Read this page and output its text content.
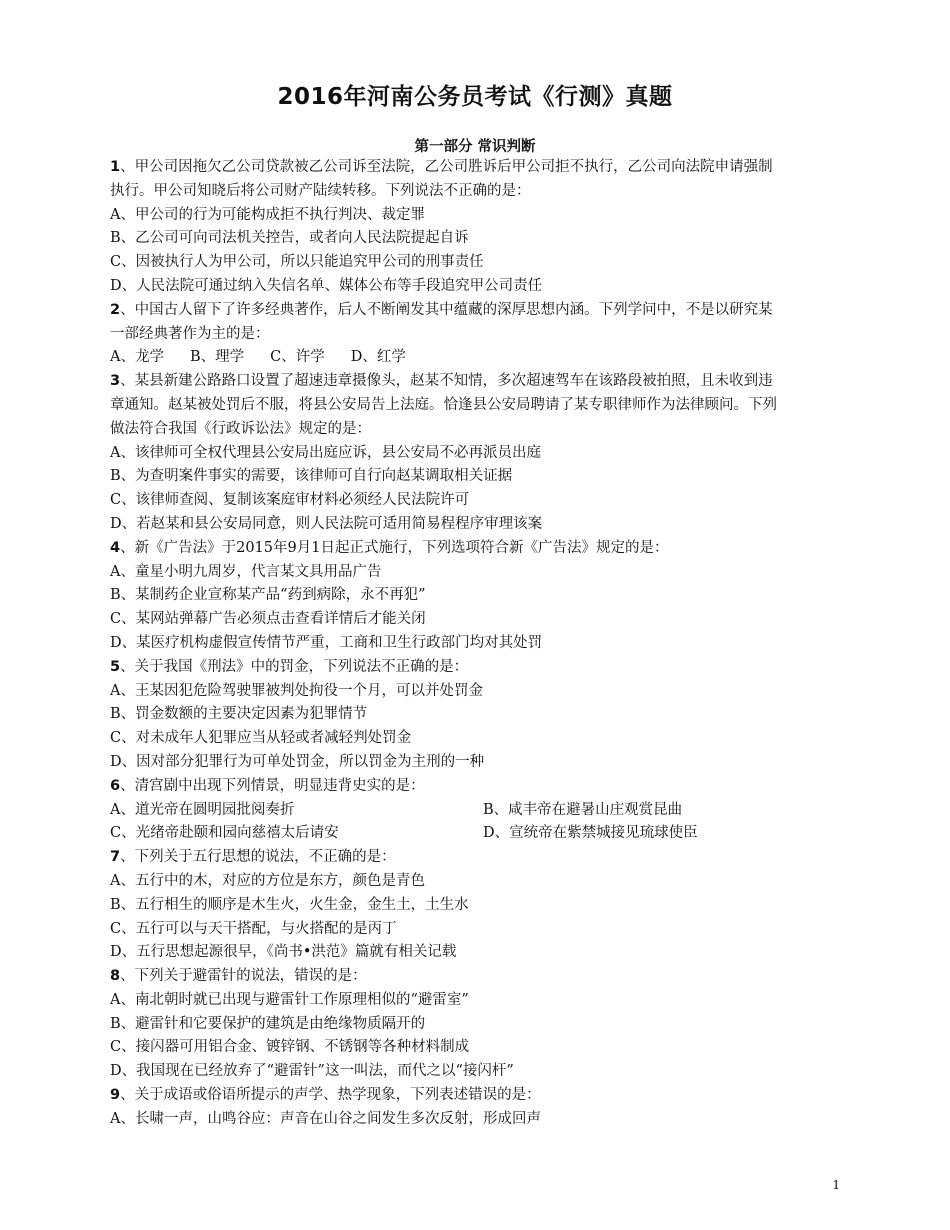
2016年河南公务员考试《行测》真题
第一部分 常识判断
1、甲公司因拖欠乙公司贷款被乙公司诉至法院，乙公司胜诉后甲公司拒不执行，乙公司向法院申请强制
执行。甲公司知晓后将公司财产陆续转移。下列说法不正确的是：
A、甲公司的行为可能构成拒不执行判决、裁定罪
B、乙公司可向司法机关控告，或者向人民法院提起自诉
C、因被执行人为甲公司，所以只能追究甲公司的刑事责任
D、人民法院可通过纳入失信名单、媒体公布等手段追究甲公司责任
2、中国古人留下了许多经典著作，后人不断阐发其中蕴藏的深厚思想内涵。下列学问中，不是以研究某
一部经典著作为主的是：
A、龙学 B、理学 C、许学 D、红学
3、某县新建公路路口设置了超速违章摄像头，赵某不知情，多次超速驾车在该路段被拍照，且未收到违
章通知。赵某被处罚后不服，将县公安局告上法庭。恰逢县公安局聘请了某专职律师作为法律顾问。下列
做法符合我国《行政诉讼法》规定的是：
A、该律师可全权代理县公安局出庭应诉，县公安局不必再派员出庭
B、为查明案件事实的需要，该律师可自行向赵某调取相关证据
C、该律师查阅、复制该案庭审材料必须经人民法院许可
D、若赵某和县公安局同意，则人民法院可适用简易程程序审理该案
4、新《广告法》于2015年9月1日起正式施行，下列选项符合新《广告法》规定的是：
A、童星小明九周岁，代言某文具用品广告
B、某制药企业宣称某产品“药到病除，永不再犯”
C、某网站弹幕广告必须点击查看详情后才能关闭
D、某医疗机构虚假宣传情节严重，工商和卫生行政部门均对其处罚
5、关于我国《刑法》中的罚金，下列说法不正确的是：
A、王某因犯危险驾驶罪被判处拘役一个月，可以并处罚金
B、罚金数额的主要决定因素为犯罪情节
C、对未成年人犯罪应当从轻或者减轻判处罚金
D、因对部分犯罪行为可单处罚金，所以罚金为主刑的一种
6、清宫剧中出现下列情景，明显违背史实的是：
A、道光帝在圆明园批阅奏折	B、咸丰帝在避暑山庄观赏昆曲
C、光绪帝赴颐和园向慈禧太后请安	D、宣统帝在紫禁城接见琉球使臣
7、下列关于五行思想的说法，不正确的是：
A、五行中的木，对应的方位是东方，颜色是青色
B、五行相生的顺序是木生火，火生金，金生土，土生水
C、五行可以与天干搭配，与火搭配的是丙丁
D、五行思想起源很早，《尚书•洪范》篇就有相关记载
8、下列关于避雷针的说法，错误的是：
A、南北朝时就已出现与避雷针工作原理相似的“避雷室”
B、避雷针和它要保护的建筑是由绝缘物质隔开的
C、接闪器可用铝合金、镀锌钢、不锈钢等各种材料制成
D、我国现在已经放弃了“避雷针”这一叫法，而代之以“接闪杆”
9、关于成语或俗语所提示的声学、热学现象，下列表述错误的是：
A、长啸一声，山鸣谷应：声音在山谷之间发生多次反射，形成回声
1
